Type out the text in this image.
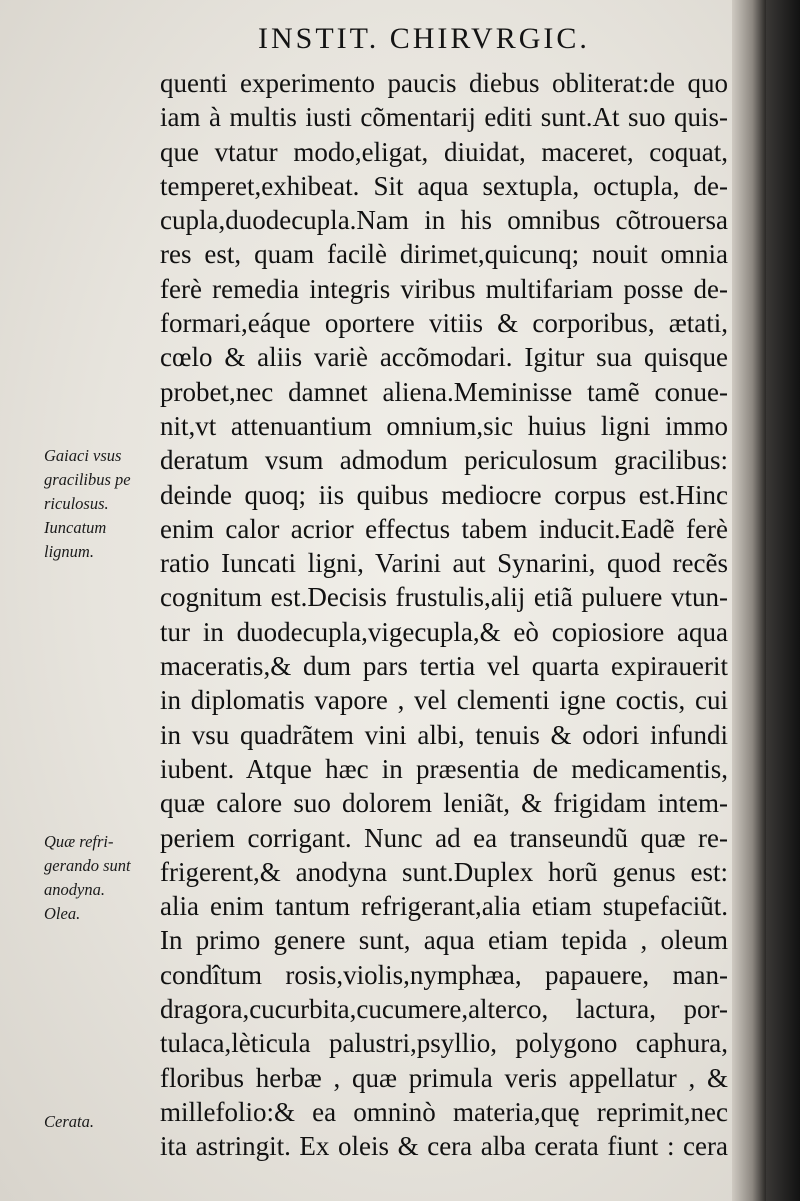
INSTIT. CHIRVRGIC.
quenti experimento paucis diebus obliterat:de quo
iam à multis iusti cõmentarij editi sunt.At suo quis-
que vtatur modo,eligat, diuidat, maceret, coquat,
temperet,exhibeat. Sit aqua sextupla, octupla, de-
cupla,duodecupla.Nam in his omnibus cõtrouersa
res est, quam facilè dirimet,quicunq; nouit omnia
ferè remedia integris viribus multifariam posse de-
formari,eáque oportere vitiis & corporibus, ætati,
cœlo & aliis variè accõmodari. Igitur sua quisque
probet,nec damnet aliena.Meminisse tamẽ conue-
nit,vt attenuantium omnium,sic huius ligni immo
deratum vsum admodum periculosum gracilibus:
deinde quoq; iis quibus mediocre corpus est.Hinc
enim calor acrior effectus tabem inducit.Eadẽ ferè
ratio Iuncati ligni, Varini aut Synarini, quod recẽs
cognitum est.Decisis frustulis,alij etiã puluere vtun-
tur in duodecupla,vigecupla,& eò copiosiore aqua
maceratis,& dum pars tertia vel quarta expirauerit
in diplomatis vapore , vel clementi igne coctis, cui
in vsu quadrãtem vini albi, tenuis & odori infundi
iubent. Atque hæc in præsentia de medicamentis,
quæ calore suo dolorem leniãt, & frigidam intem-
periem corrigant. Nunc ad ea transeundũ quæ re-
frigerent,& anodyna sunt.Duplex horũ genus est:
alia enim tantum refrigerant,alia etiam stupefaciũt.
In primo genere sunt, aqua etiam tepida , oleum
condîtum rosis,violis,nymphæa, papauere, man-
dragora,cucurbita,cucumere,alterco, lactura, por-
tulaca,lèticula palustri,psyllio, polygono caphura,
floribus herbæ , quæ primula veris appellatur , &
millefolio:& ea omninò materia,quę reprimit,nec
ita astringit. Ex oleis & cera alba cerata fiunt : cera
Gaiaci vsus
gracilibus pe
riculosus.
Iuncatum
lignum.
Quæ refri-
gerando sunt
anodyna.
Olea.
Cerata.
